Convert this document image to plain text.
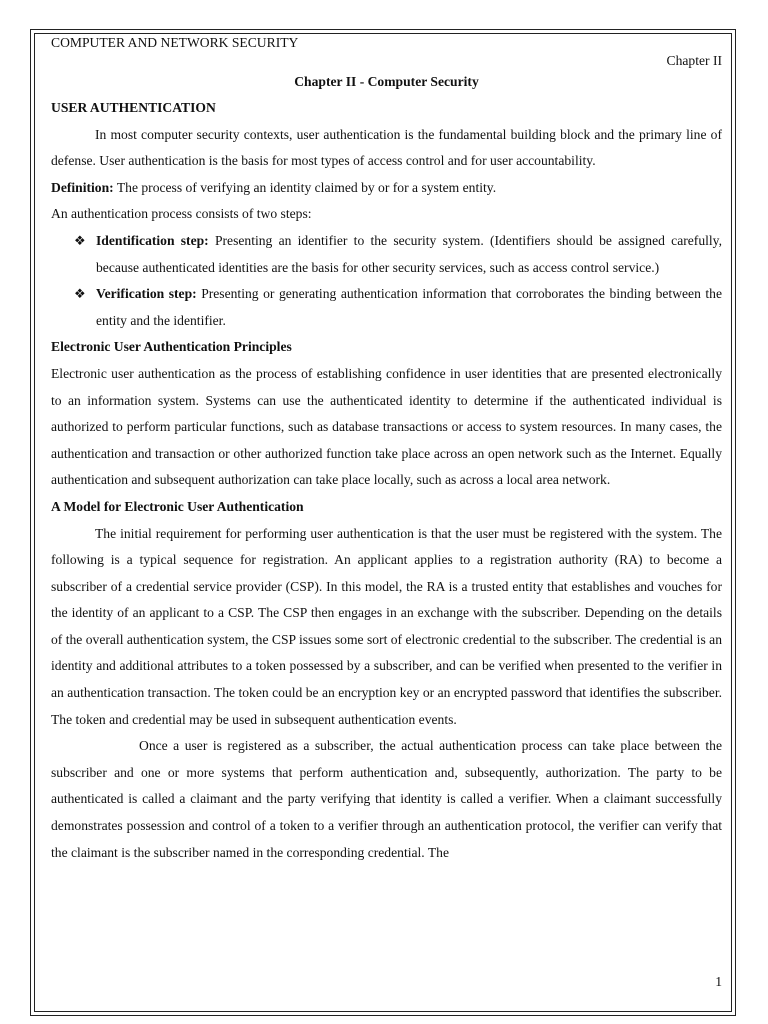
COMPUTER AND NETWORK SECURITY
Chapter II
Chapter II - Computer Security
USER AUTHENTICATION

In most computer security contexts, user authentication is the fundamental building block and the primary line of defense. User authentication is the basis for most types of access control and for user accountability.

Definition: The process of verifying an identity claimed by or for a system entity.

An authentication process consists of two steps:

❖ Identification step: Presenting an identifier to the security system. (Identifiers should be assigned carefully, because authenticated identities are the basis for other security services, such as access control service.)
❖ Verification step: Presenting or generating authentication information that corroborates the binding between the entity and the identifier.
Electronic User Authentication Principles

Electronic user authentication as the process of establishing confidence in user identities that are presented electronically to an information system. Systems can use the authenticated identity to determine if the authenticated individual is authorized to perform particular functions, such as database transactions or access to system resources. In many cases, the authentication and transaction or other authorized function take place across an open network such as the Internet. Equally authentication and subsequent authorization can take place locally, such as across a local area network.

A Model for Electronic User Authentication

The initial requirement for performing user authentication is that the user must be registered with the system. The following is a typical sequence for registration. An applicant applies to a registration authority (RA) to become a subscriber of a credential service provider (CSP). In this model, the RA is a trusted entity that establishes and vouches for the identity of an applicant to a CSP. The CSP then engages in an exchange with the subscriber. Depending on the details of the overall authentication system, the CSP issues some sort of electronic credential to the subscriber. The credential is an identity and additional attributes to a token possessed by a subscriber, and can be verified when presented to the verifier in an authentication transaction. The token could be an encryption key or an encrypted password that identifies the subscriber. The token and credential may be used in subsequent authentication events.

Once a user is registered as a subscriber, the actual authentication process can take place between the subscriber and one or more systems that perform authentication and, subsequently, authorization. The party to be authenticated is called a claimant and the party verifying that identity is called a verifier. When a claimant successfully demonstrates possession and control of a token to a verifier through an authentication protocol, the verifier can verify that the claimant is the subscriber named in the corresponding credential. The

1
